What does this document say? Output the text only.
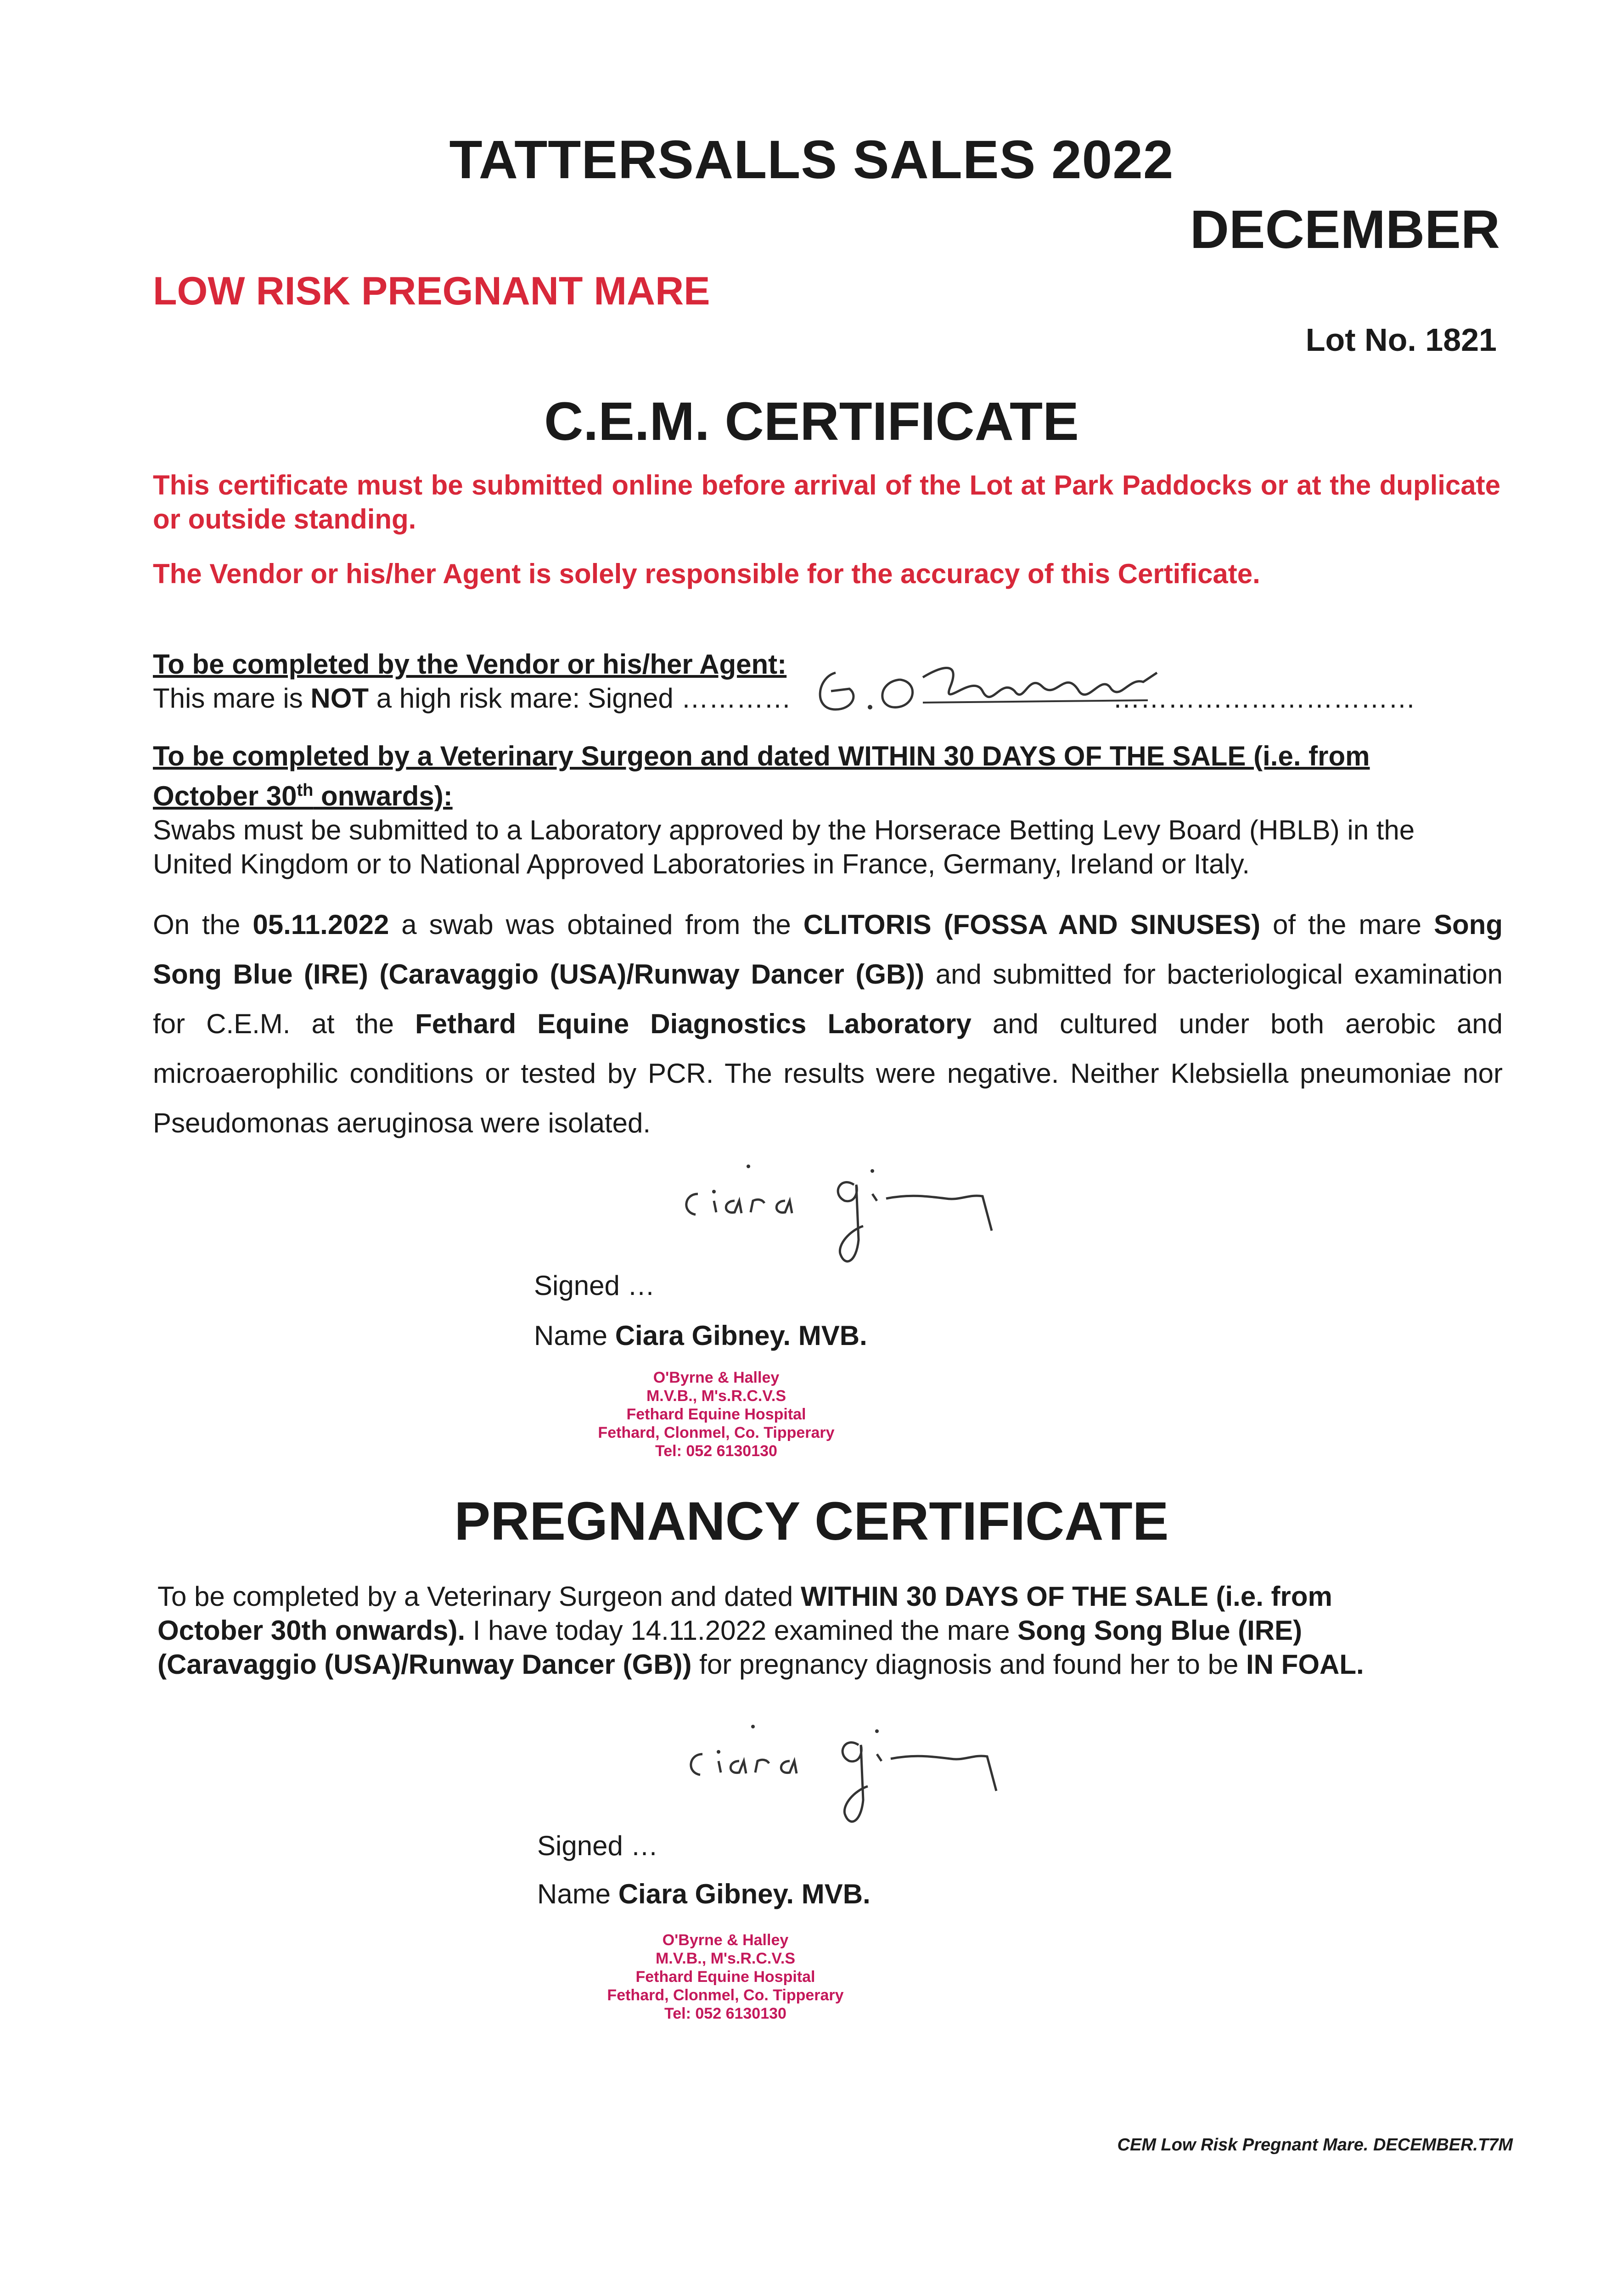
TATTERSALLS SALES 2022
DECEMBER
LOW RISK PREGNANT MARE
Lot No. 1821
C.E.M. CERTIFICATE
This certificate must be submitted online before arrival of the Lot at Park Paddocks or at the duplicate or outside standing.
The Vendor or his/her Agent is solely responsible for the accuracy of this Certificate.
To be completed by the Vendor or his/her Agent:
This mare is NOT a high risk mare: Signed …………	……………………………
To be completed by a Veterinary Surgeon and dated WITHIN 30 DAYS OF THE SALE (i.e. from
October 30th onwards):
Swabs must be submitted to a Laboratory approved by the Horserace Betting Levy Board (HBLB) in the United Kingdom or to National Approved Laboratories in France, Germany, Ireland or Italy.
On the 05.11.2022 a swab was obtained from the CLITORIS (FOSSA AND SINUSES) of the mare Song Song Blue (IRE) (Caravaggio (USA)/Runway Dancer (GB)) and submitted for bacteriological examination for C.E.M. at the Fethard Equine Diagnostics Laboratory and cultured under both aerobic and microaerophilic conditions or tested by PCR. The results were negative. Neither Klebsiella pneumoniae nor Pseudomonas aeruginosa were isolated.
Signed …
Name Ciara Gibney. MVB.
O'Byrne & Halley
M.V.B., M's.R.C.V.S
Fethard Equine Hospital
Fethard, Clonmel, Co. Tipperary
Tel: 052 6130130
PREGNANCY CERTIFICATE
To be completed by a Veterinary Surgeon and dated WITHIN 30 DAYS OF THE SALE (i.e. from October 30th onwards). I have today 14.11.2022 examined the mare Song Song Blue (IRE) (Caravaggio (USA)/Runway Dancer (GB)) for pregnancy diagnosis and found her to be IN FOAL.
Signed …
Name Ciara Gibney. MVB.
O'Byrne & Halley
M.V.B., M's.R.C.V.S
Fethard Equine Hospital
Fethard, Clonmel, Co. Tipperary
Tel: 052 6130130
CEM Low Risk Pregnant Mare. DECEMBER.T7M
